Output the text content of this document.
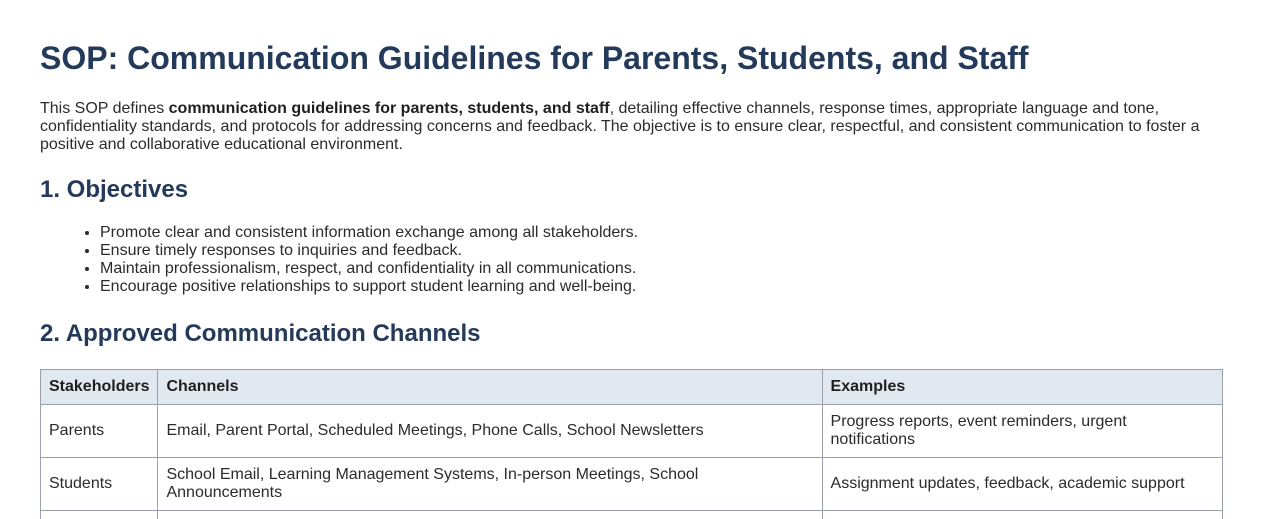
SOP: Communication Guidelines for Parents, Students, and Staff

This SOP defines communication guidelines for parents, students, and staff, detailing effective channels, response times, appropriate language and tone, confidentiality standards, and protocols for addressing concerns and feedback. The objective is to ensure clear, respectful, and consistent communication to foster a positive and collaborative educational environment.

1. Objectives
• Promote clear and consistent information exchange among all stakeholders.
• Ensure timely responses to inquiries and feedback.
• Maintain professionalism, respect, and confidentiality in all communications.
• Encourage positive relationships to support student learning and well-being.
2. Approved Communication Channels
Stakeholders	Channels	Examples
Parents	Email, Parent Portal, Scheduled Meetings, Phone Calls, School Newsletters	Progress reports, event reminders, urgent notifications
Students	School Email, Learning Management Systems, In-person Meetings, School Announcements	Assignment updates, feedback, academic support
